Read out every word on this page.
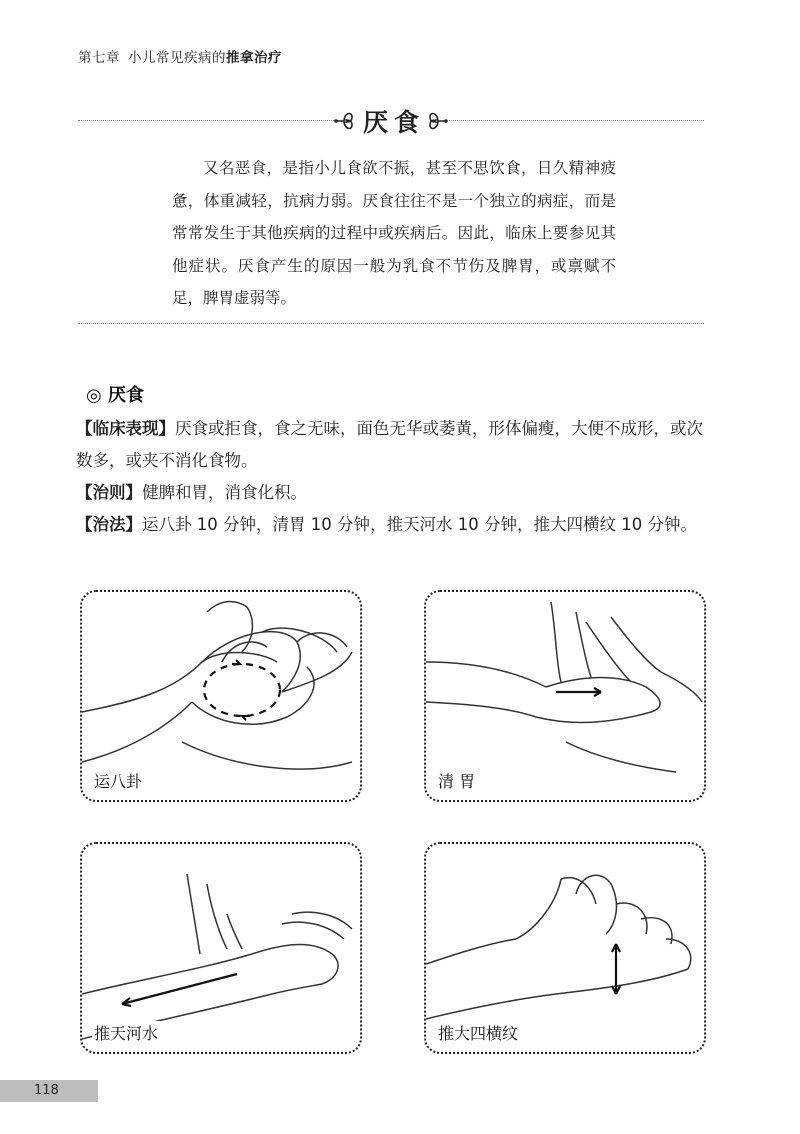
第七章 小儿常见疾病的推拿治疗
厌食

又名恶食，是指小儿食欲不振，甚至不思饮食，日久精神疲惫，体重减轻，抗病力弱。厌食往往不是一个独立的病症，而是常常发生于其他疾病的过程中或疾病后。因此，临床上要参见其他症状。厌食产生的原因一般为乳食不节伤及脾胃，或禀赋不足，脾胃虚弱等。

◎ 厌食

【临床表现】厌食或拒食，食之无味，面色无华或萎黄，形体偏瘦，大便不成形，或次数多，或夹不消化食物。

【治则】健脾和胃，消食化积。

【治法】运八卦 10 分钟，清胃 10 分钟，推天河水 10 分钟，推大四横纹 10 分钟。

运八卦	清 胃
推天河水	推大四横纹
118
